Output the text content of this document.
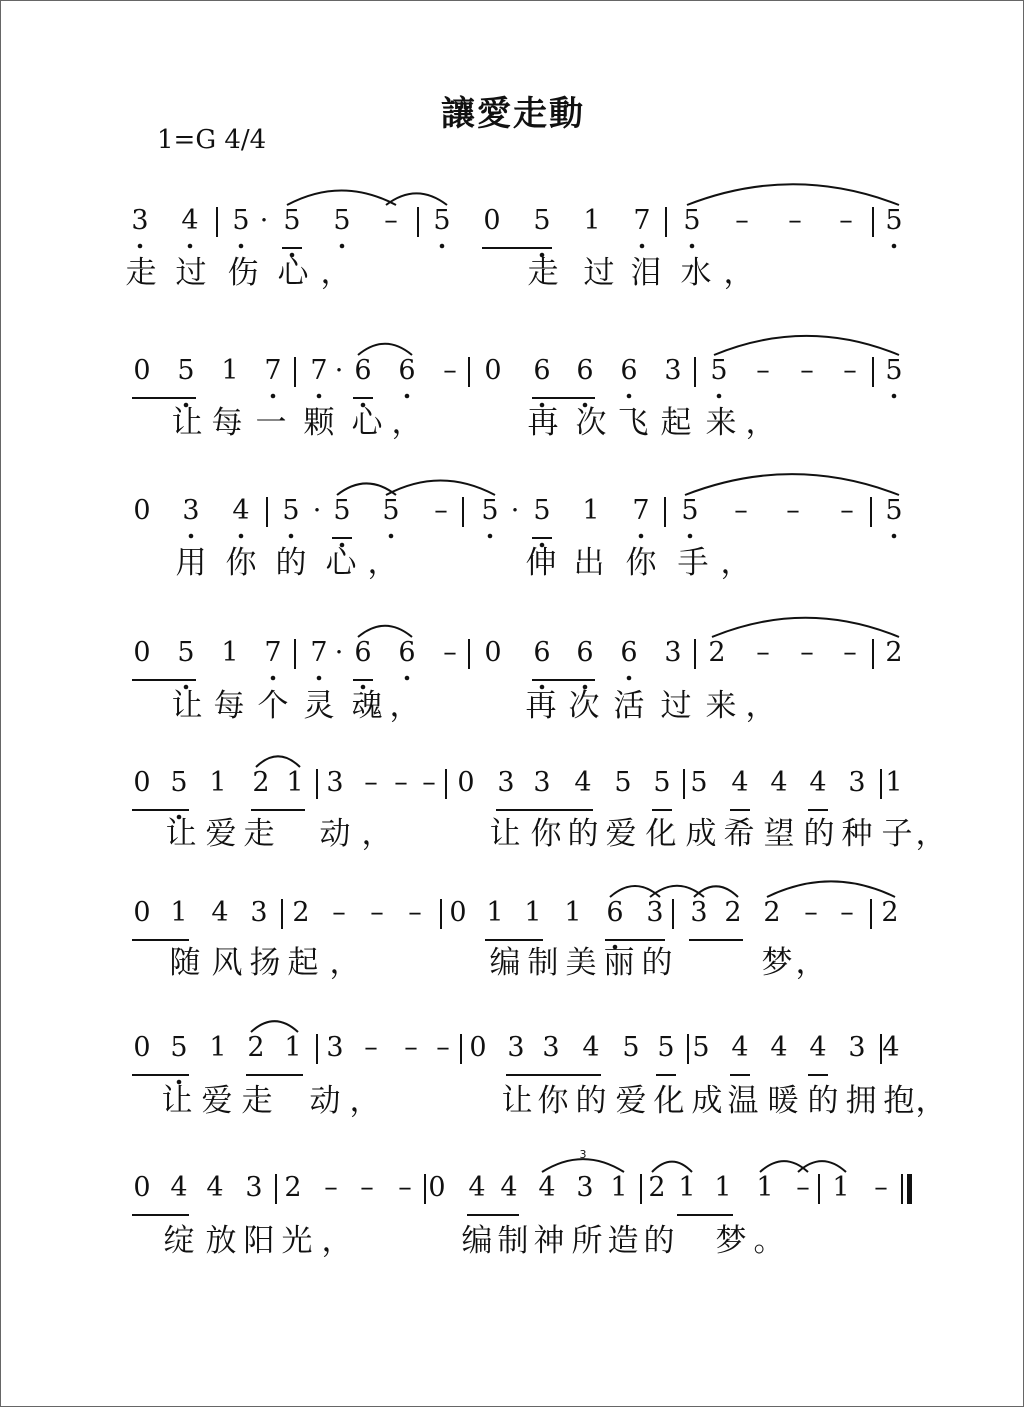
讓愛走動
1=G 4/4
3 4 5 · 5 5 – 5 0 5 1 7 5 – – – 5
走 过 伤 心 ，	走 过 泪 水 ，
0 5 1 7 7 · 6 6 – 0 6 6 6 3 5 – – – 5
让 每 一 颗 心 ，	再 次 飞 起 来 ，
0 3 4 5 · 5 5 – 5 · 5 1 7 5 – – – 5
用 你 的 心 ，	伸 出 你 手 ，
0 5 1 7 7 · 6 6 – 0 6 6 6 3 2 – – – 2
让 每 个 灵 魂 ，	再 次 活 过 来 ，
0 5 1 2 1 3 – – – 0 3 3 4 5 5 5 4 4 4 3 1
让 爱 走 动 ，	让 你 的 爱 化 成 希 望 的 种 子 ，
0 1 4 3 2 – – – 0 1 1 1 6 3 3 2 2 – – 2
随 风 扬 起 ，	编 制 美 丽 的	梦 ，
0 5 1 2 1 3 – – – 0 3 3 4 5 5 5 4 4 4 3 4
让 爱 走 动 ，	让 你 的 爱 化 成 温 暖 的 拥 抱 ，
0 4 4 3 2 – – – 0 4 4 4 3 1 2 1 1 1 – 1 –
3
绽 放 阳 光 ，	编 制 神 所 造 的 梦 。
